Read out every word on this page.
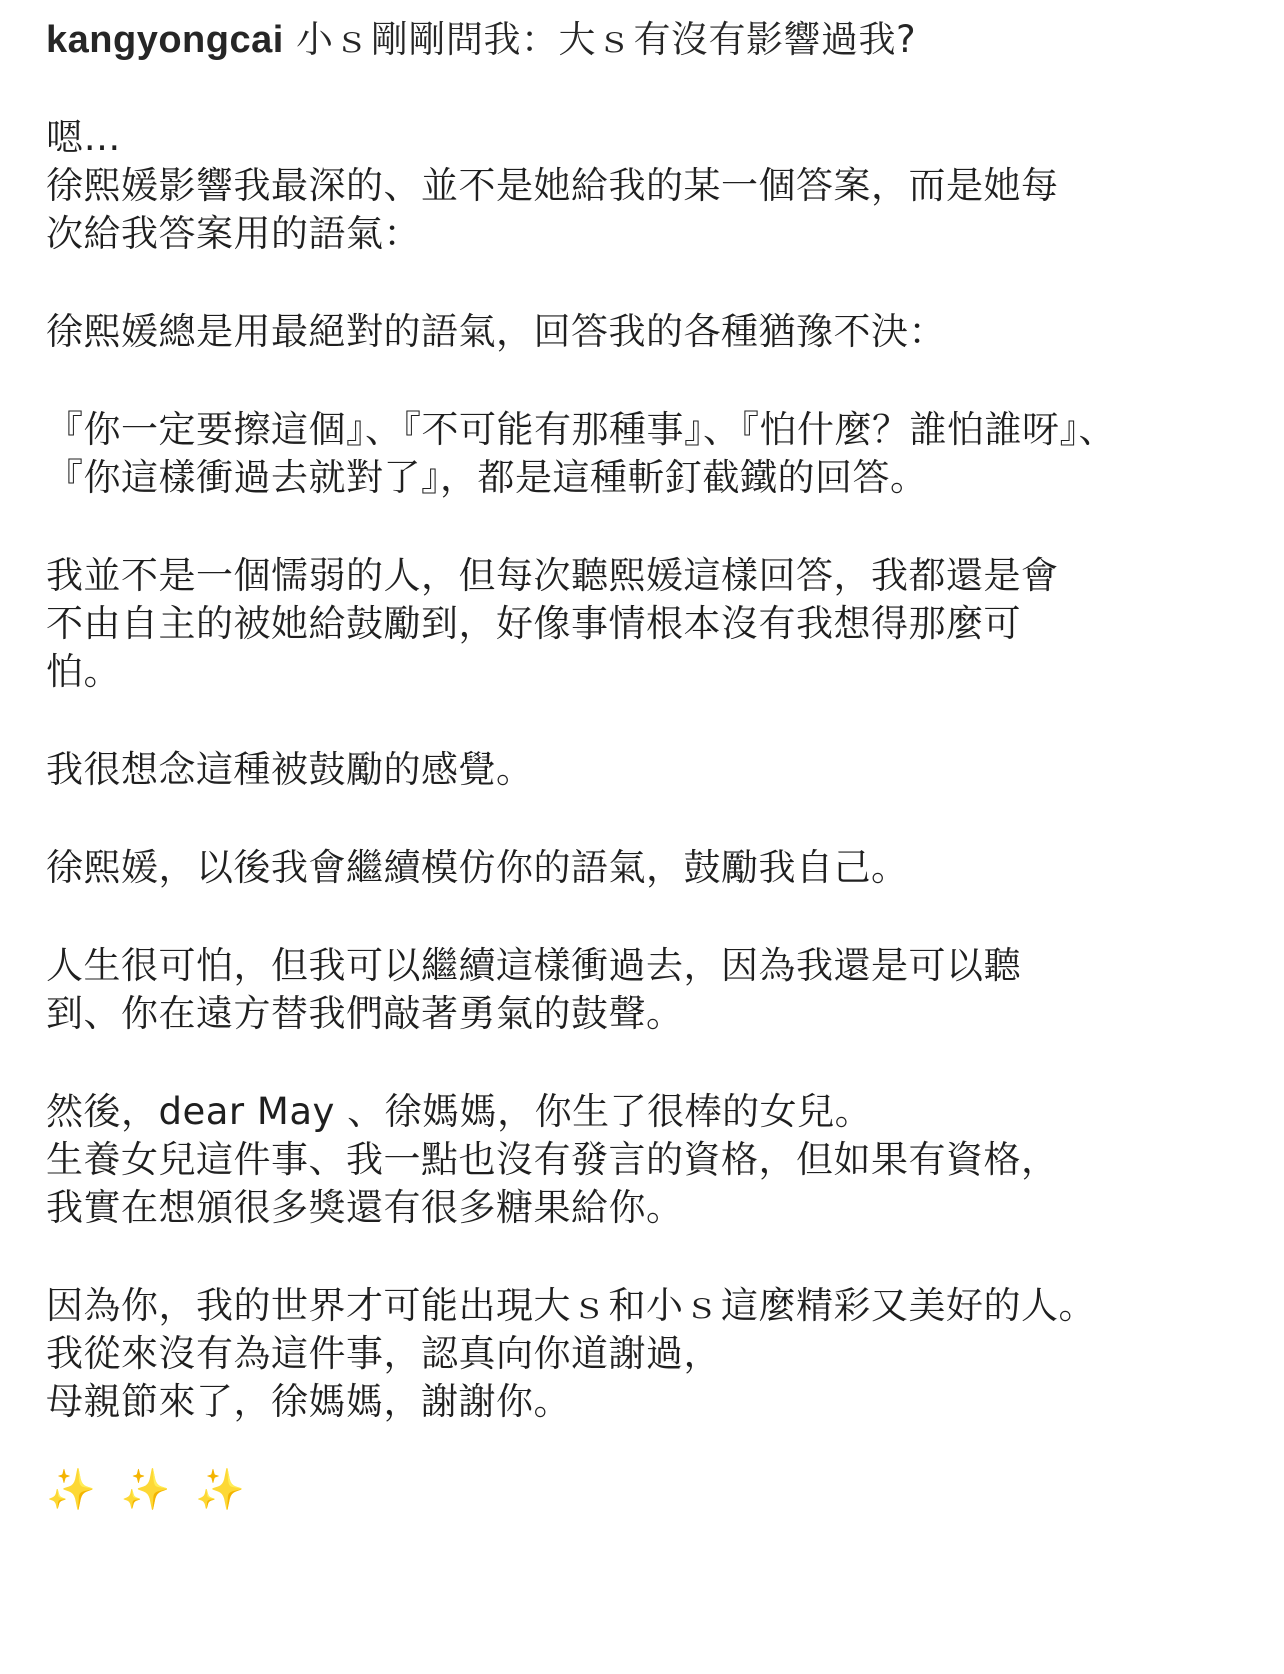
kangyongcai 小ｓ剛剛問我：大ｓ有沒有影響過我?

嗯…
徐熙媛影響我最深的、並不是她給我的某一個答案，而是她每
次給我答案用的語氣：

徐熙媛總是用最絕對的語氣，回答我的各種猶豫不決：

『你一定要擦這個』、『不可能有那種事』、『怕什麼？誰怕誰呀』、
『你這樣衝過去就對了』，都是這種斬釘截鐵的回答。

我並不是一個懦弱的人，但每次聽熙媛這樣回答，我都還是會
不由自主的被她給鼓勵到，好像事情根本沒有我想得那麼可
怕。

我很想念這種被鼓勵的感覺。

徐熙媛，以後我會繼續模仿你的語氣，鼓勵我自己。

人生很可怕，但我可以繼續這樣衝過去，因為我還是可以聽
到、你在遠方替我們敲著勇氣的鼓聲。

然後，dear May 、徐媽媽，你生了很棒的女兒。
生養女兒這件事、我一點也沒有發言的資格，但如果有資格，
我實在想頒很多獎還有很多糖果給你。

因為你，我的世界才可能出現大ｓ和小ｓ這麼精彩又美好的人。
我從來沒有為這件事，認真向你道謝過，
母親節來了，徐媽媽，謝謝你。

✨ ✨ ✨
